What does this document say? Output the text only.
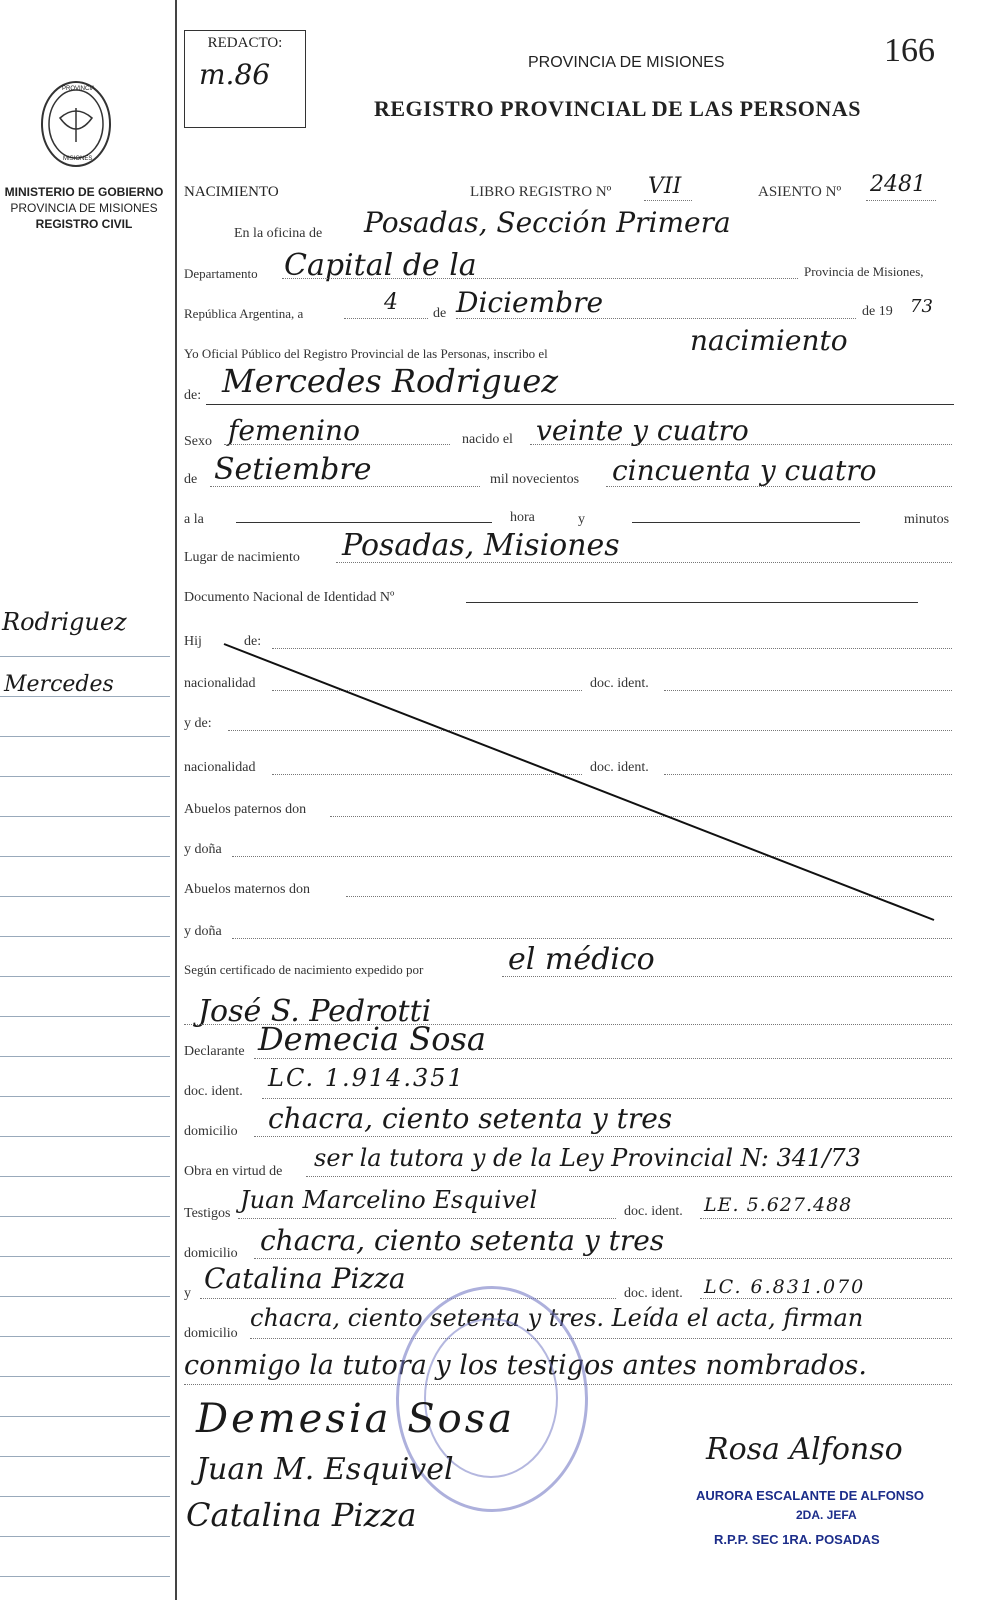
PROVINCIA
MISIONES
MINISTERIO DE GOBIERNO
PROVINCIA DE MISIONES
REGISTRO CIVIL
Rodriguez
Mercedes
REDACTO:
m.86	PROVINCIA DE MISIONES	166
REGISTRO PROVINCIAL DE LAS PERSONAS
NACIMIENTO	LIBRO REGISTRO Nº VII	ASIENTO Nº 2481
En la oficina de Posadas, Sección Primera
Departamento Capital de la	Provincia de Misiones,
República Argentina, a	4	de Diciembre	de 19 73
Yo Oficial Público del Registro Provincial de las Personas, inscribo el	nacimiento
de: Mercedes Rodriguez
Sexo femenino	nacido el veinte y cuatro
de Setiembre	mil novecientos cincuenta y cuatro
a la	hora	y	minutos
Lugar de nacimiento Posadas, Misiones
Documento Nacional de Identidad Nº
Hij	de:
nacionalidad	doc. ident.
y de:
nacionalidad	doc. ident.
Abuelos paternos don
y doña
Abuelos maternos don
y doña
Según certificado de nacimiento expedido por	el médico
José S. Pedrotti
Declarante Demecia Sosa
doc. ident. LC. 1.914.351
domicilio chacra, ciento setenta y tres
Obra en virtud de ser la tutora y de la Ley Provincial N: 341/73
Testigos Juan Marcelino Esquivel	doc. ident. LE. 5.627.488
domicilio chacra, ciento setenta y tres
y Catalina Pizza	doc. ident. LC. 6.831.070
domicilio
chacra, ciento setenta y tres. Leída el acta, firman
conmigo la tutora y los testigos antes nombrados.
Demesia Sosa
Juan M. Esquivel
Catalina Pizza
Rosa Alfonso
AURORA ESCALANTE DE ALFONSO
2DA. JEFA
R.P.P. SEC 1RA. POSADAS
